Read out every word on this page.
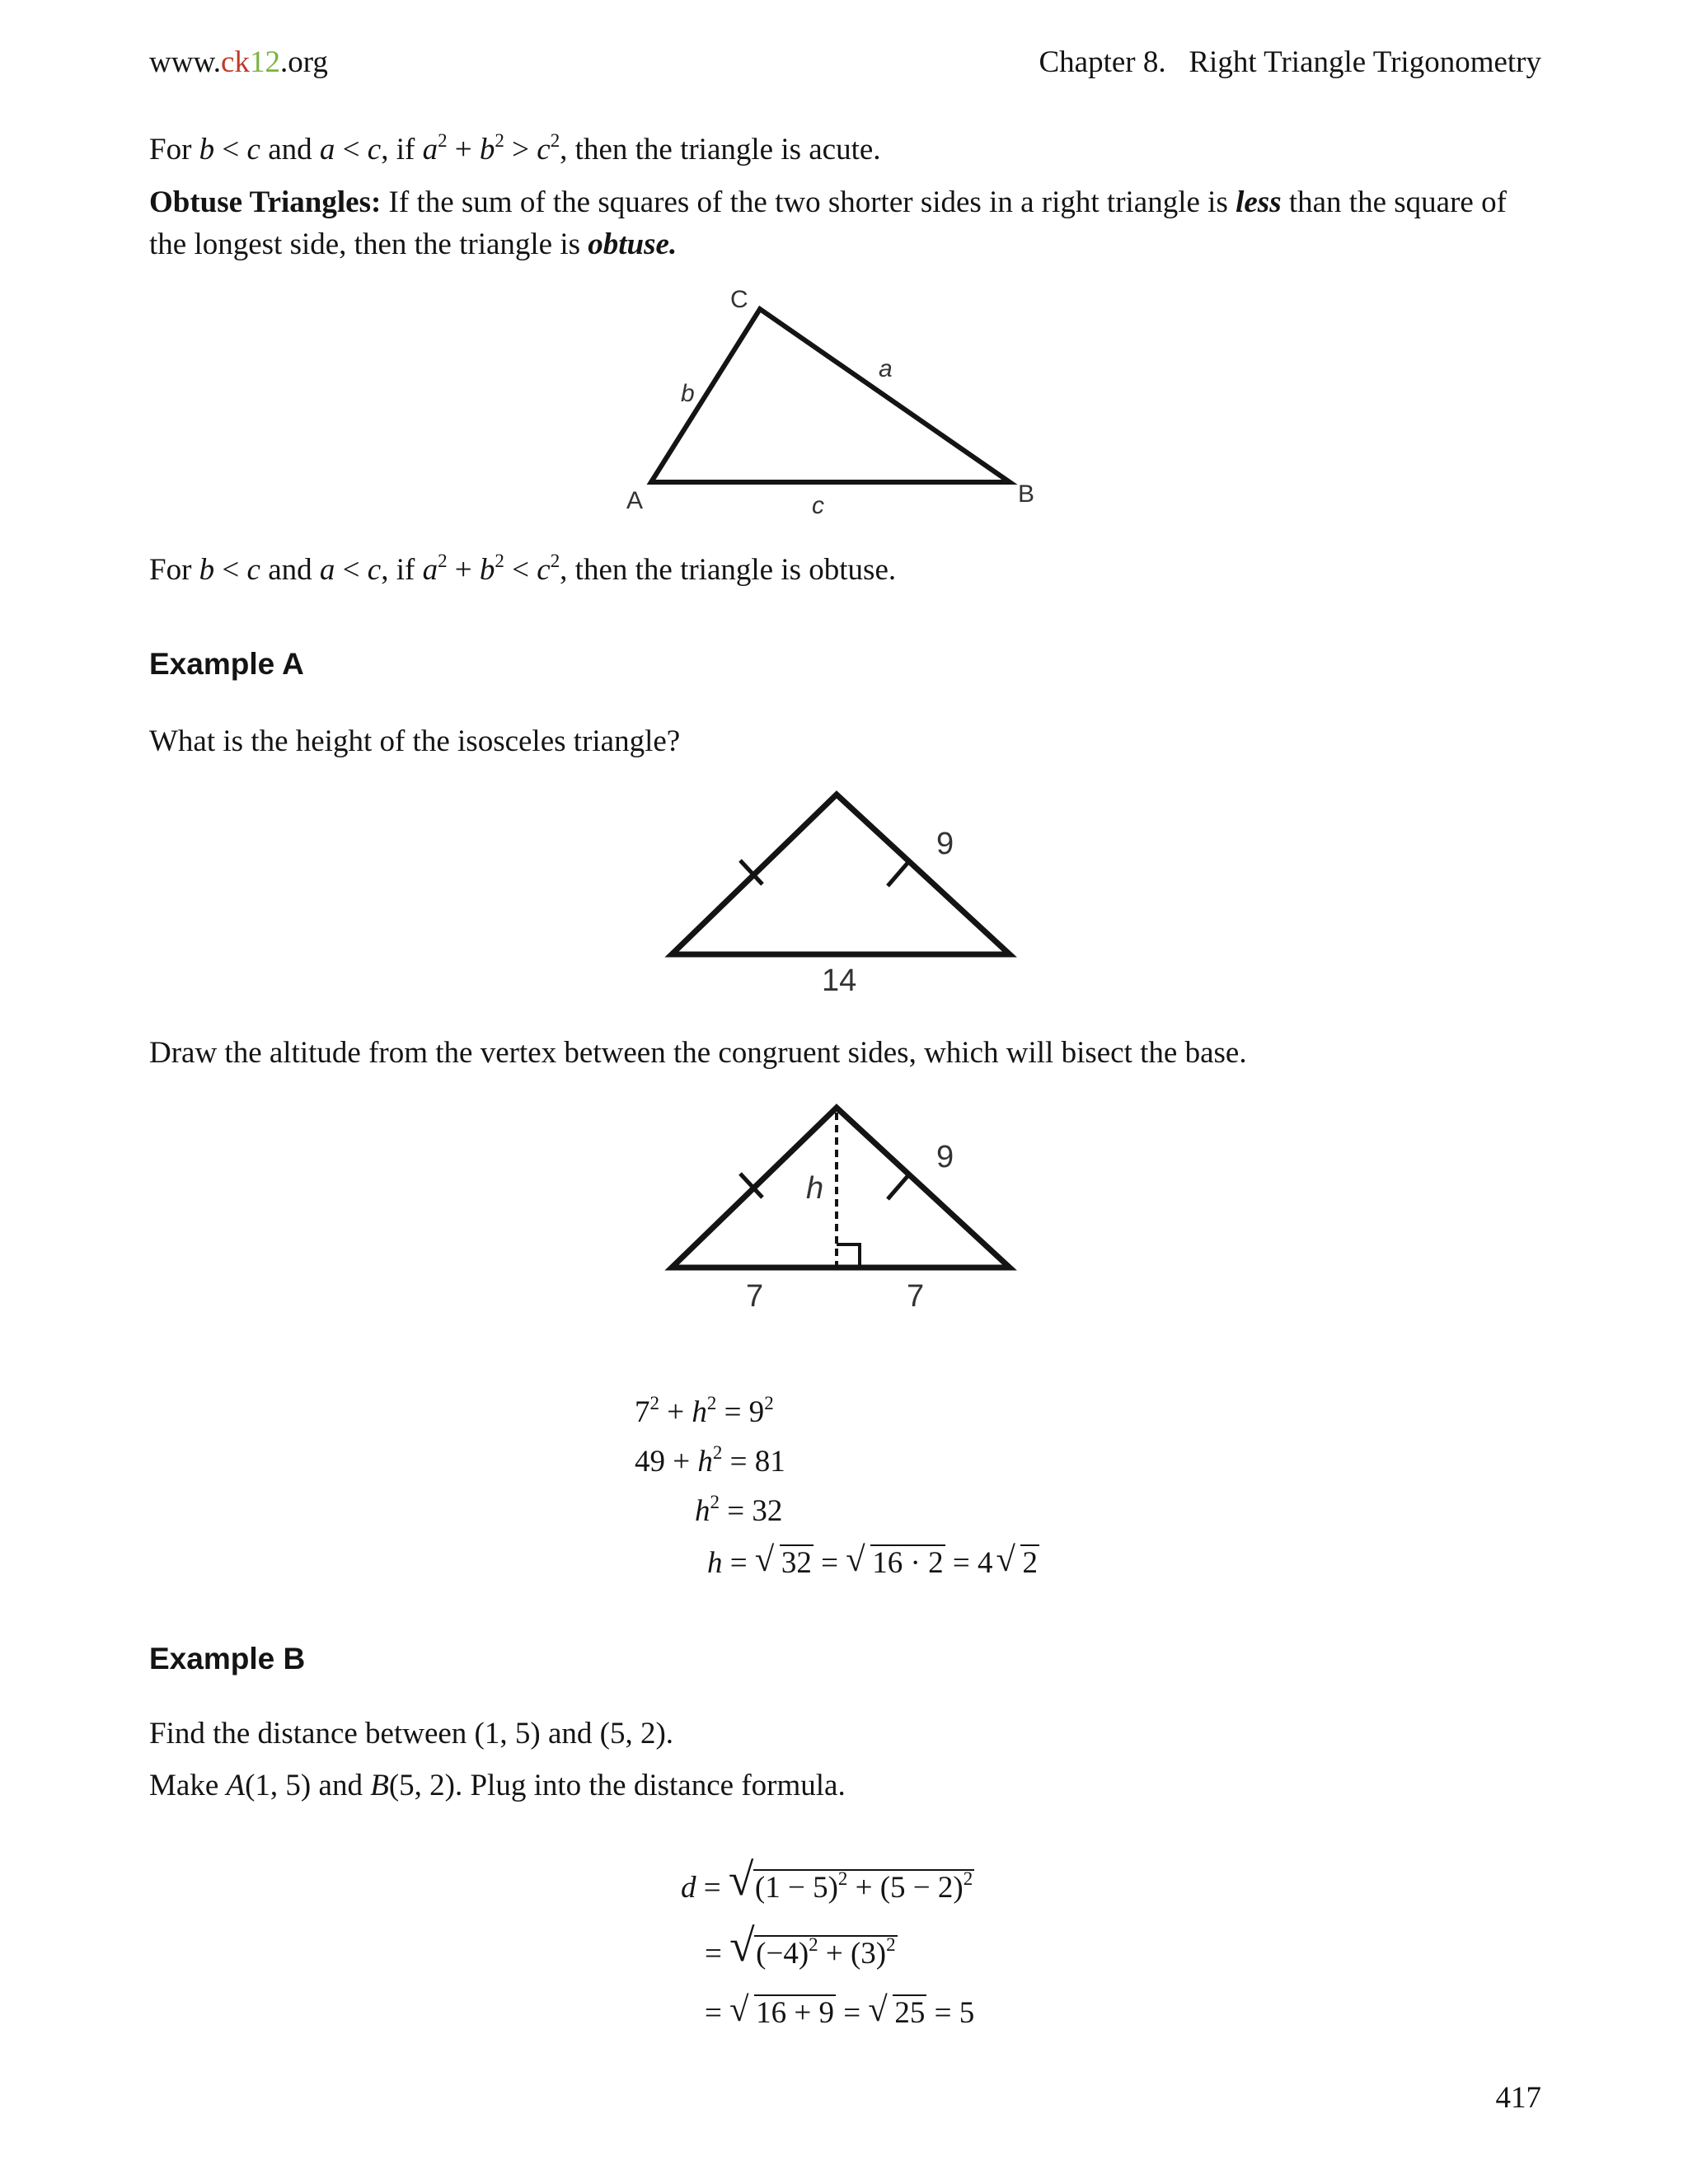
www.ck12.org	Chapter 8. Right Triangle Trigonometry
For b < c and a < c, if $a^2 + b^2 > c^2$, then the triangle is acute.
Obtuse Triangles: If the sum of the squares of the two shorter sides in a right triangle is less than the square of the longest side, then the triangle is obtuse.
C
A	B
b
a
c
For b < c and a < c, if $a^2 + b^2 < c^2$, then the triangle is obtuse.
Example A
What is the height of the isosceles triangle?
9
14
Draw the altitude from the vertex between the congruent sides, which will bisect the base.
9
h
7	7
$7^2 + h^2 = 9^2$
$49 + h^2 = 81$
$h^2 = 32$
h = √ 32 = √ 16 · 2 = 4 √ 2
Example B
Find the distance between (1, 5) and (5, 2).
Make A(1, 5) and B(5, 2). Plug into the distance formula.
d = √ $(1 - 5)^2 + (5 - 2)^2$
= √ $(-4)^2 + (3)^2$
= √ 16 + 9 = √ 25 = 5
417
